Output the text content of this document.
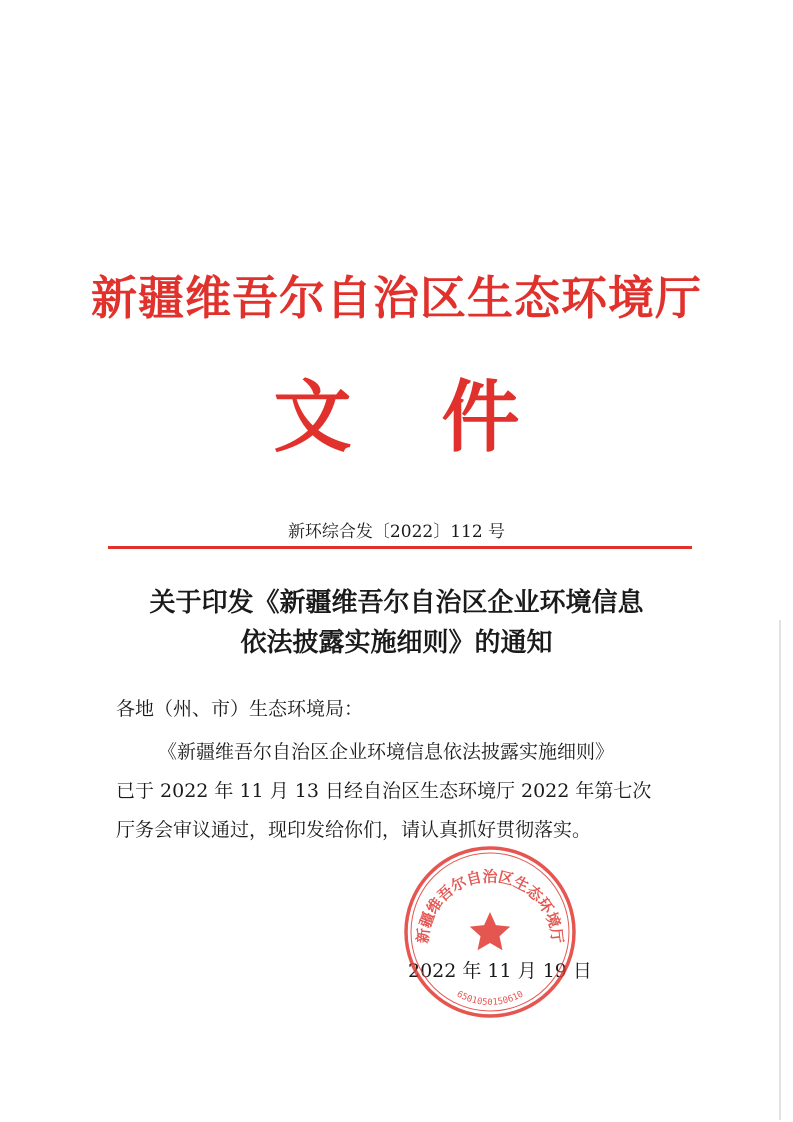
新疆维吾尔自治区生态环境厅
文件
新环综合发〔2022〕112 号
关于印发《新疆维吾尔自治区企业环境信息
依法披露实施细则》的通知
各地（州、市）生态环境局：
《新疆维吾尔自治区企业环境信息依法披露实施细则》
已于 2022 年 11 月 13 日经自治区生态环境厅 2022 年第七次
厅务会审议通过，现印发给你们，请认真抓好贯彻落实。
2022 年 11 月 19 日
新疆维吾尔自治区生态环境厅
6501050150610
